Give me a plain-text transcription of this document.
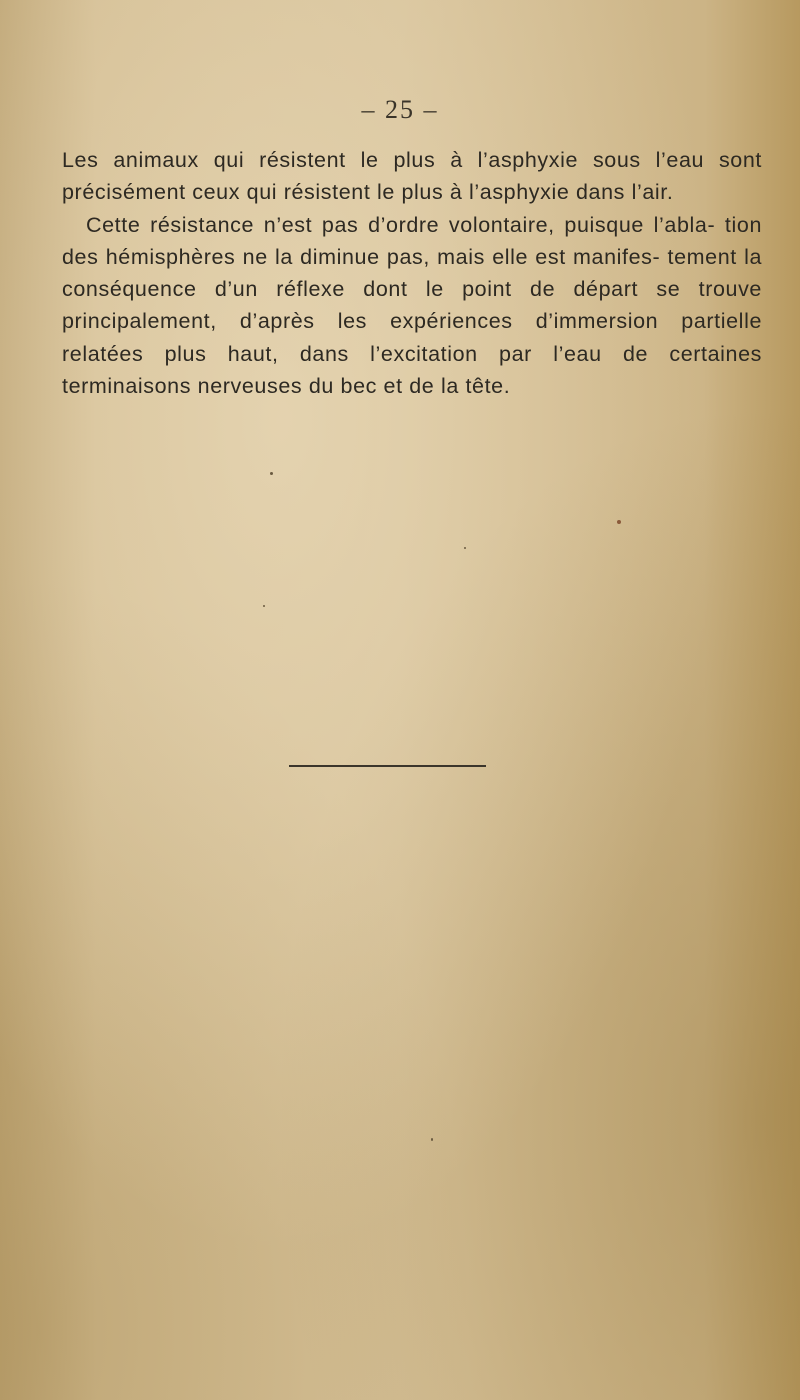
– 25 –

Les animaux qui résistent le plus à l’asphyxie sous l’eau sont précisément ceux qui résistent le plus à l’asphyxie dans l’air.

Cette résistance n’est pas d’ordre volontaire, puisque l’abla- tion des hémisphères ne la diminue pas, mais elle est manifes- tement la conséquence d’un réflexe dont le point de départ se trouve principalement, d’après les expériences d’immersion partielle relatées plus haut, dans l’excitation par l’eau de certaines terminaisons nerveuses du bec et de la tête.
